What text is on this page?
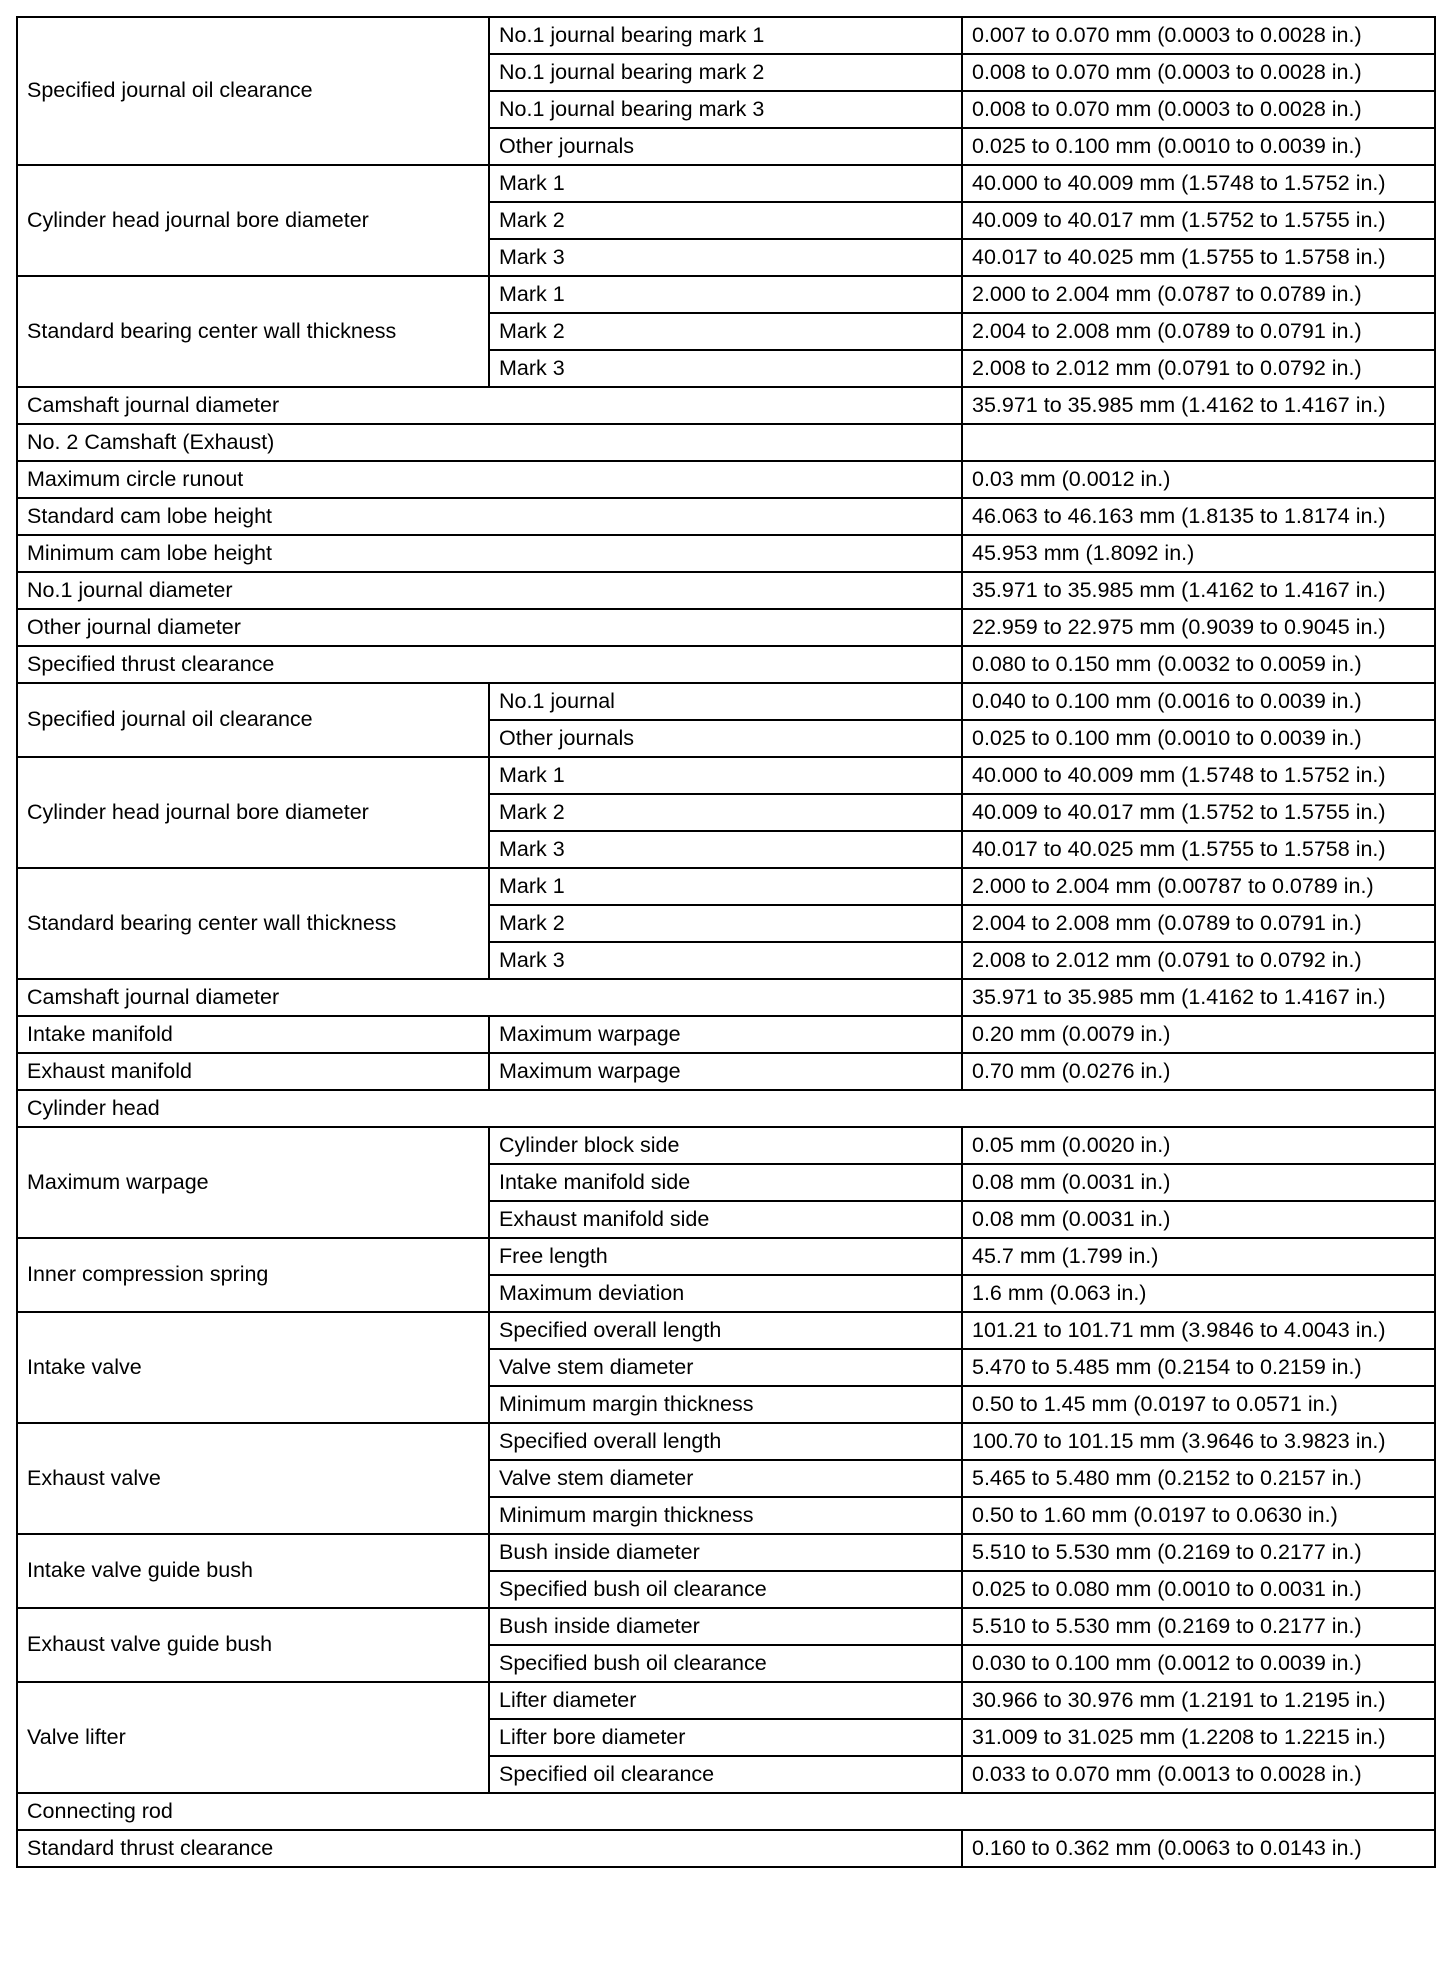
Specified journal oil clearance	No.1 journal bearing mark 1	0.007 to 0.070 mm (0.0003 to 0.0028 in.)
	No.1 journal bearing mark 2	0.008 to 0.070 mm (0.0003 to 0.0028 in.)
	No.1 journal bearing mark 3	0.008 to 0.070 mm (0.0003 to 0.0028 in.)
	Other journals	0.025 to 0.100 mm (0.0010 to 0.0039 in.)
Cylinder head journal bore diameter	Mark 1	40.000 to 40.009 mm (1.5748 to 1.5752 in.)
	Mark 2	40.009 to 40.017 mm (1.5752 to 1.5755 in.)
	Mark 3	40.017 to 40.025 mm (1.5755 to 1.5758 in.)
Standard bearing center wall thickness	Mark 1	2.000 to 2.004 mm (0.0787 to 0.0789 in.)
	Mark 2	2.004 to 2.008 mm (0.0789 to 0.0791 in.)
	Mark 3	2.008 to 2.012 mm (0.0791 to 0.0792 in.)
Camshaft journal diameter		35.971 to 35.985 mm (1.4162 to 1.4167 in.)
No. 2 Camshaft (Exhaust)		
Maximum circle runout		0.03 mm (0.0012 in.)
Standard cam lobe height		46.063 to 46.163 mm (1.8135 to 1.8174 in.)
Minimum cam lobe height		45.953 mm (1.8092 in.)
No.1 journal diameter		35.971 to 35.985 mm (1.4162 to 1.4167 in.)
Other journal diameter		22.959 to 22.975 mm (0.9039 to 0.9045 in.)
Specified thrust clearance		0.080 to 0.150 mm (0.0032 to 0.0059 in.)
Specified journal oil clearance	No.1 journal	0.040 to 0.100 mm (0.0016 to 0.0039 in.)
	Other journals	0.025 to 0.100 mm (0.0010 to 0.0039 in.)
Cylinder head journal bore diameter	Mark 1	40.000 to 40.009 mm (1.5748 to 1.5752 in.)
	Mark 2	40.009 to 40.017 mm (1.5752 to 1.5755 in.)
	Mark 3	40.017 to 40.025 mm (1.5755 to 1.5758 in.)
Standard bearing center wall thickness	Mark 1	2.000 to 2.004 mm (0.00787 to 0.0789 in.)
	Mark 2	2.004 to 2.008 mm (0.0789 to 0.0791 in.)
	Mark 3	2.008 to 2.012 mm (0.0791 to 0.0792 in.)
Camshaft journal diameter		35.971 to 35.985 mm (1.4162 to 1.4167 in.)
Intake manifold	Maximum warpage	0.20 mm (0.0079 in.)
Exhaust manifold	Maximum warpage	0.70 mm (0.0276 in.)
Cylinder head		
Maximum warpage	Cylinder block side	0.05 mm (0.0020 in.)
	Intake manifold side	0.08 mm (0.0031 in.)
	Exhaust manifold side	0.08 mm (0.0031 in.)
Inner compression spring	Free length	45.7 mm (1.799 in.)
	Maximum deviation	1.6 mm (0.063 in.)
Intake valve	Specified overall length	101.21 to 101.71 mm (3.9846 to 4.0043 in.)
	Valve stem diameter	5.470 to 5.485 mm (0.2154 to 0.2159 in.)
	Minimum margin thickness	0.50 to 1.45 mm (0.0197 to 0.0571 in.)
Exhaust valve	Specified overall length	100.70 to 101.15 mm (3.9646 to 3.9823 in.)
	Valve stem diameter	5.465 to 5.480 mm (0.2152 to 0.2157 in.)
	Minimum margin thickness	0.50 to 1.60 mm (0.0197 to 0.0630 in.)
Intake valve guide bush	Bush inside diameter	5.510 to 5.530 mm (0.2169 to 0.2177 in.)
	Specified bush oil clearance	0.025 to 0.080 mm (0.0010 to 0.0031 in.)
Exhaust valve guide bush	Bush inside diameter	5.510 to 5.530 mm (0.2169 to 0.2177 in.)
	Specified bush oil clearance	0.030 to 0.100 mm (0.0012 to 0.0039 in.)
Valve lifter	Lifter diameter	30.966 to 30.976 mm (1.2191 to 1.2195 in.)
	Lifter bore diameter	31.009 to 31.025 mm (1.2208 to 1.2215 in.)
	Specified oil clearance	0.033 to 0.070 mm (0.0013 to 0.0028 in.)
Connecting rod		
Standard thrust clearance		0.160 to 0.362 mm (0.0063 to 0.0143 in.)
